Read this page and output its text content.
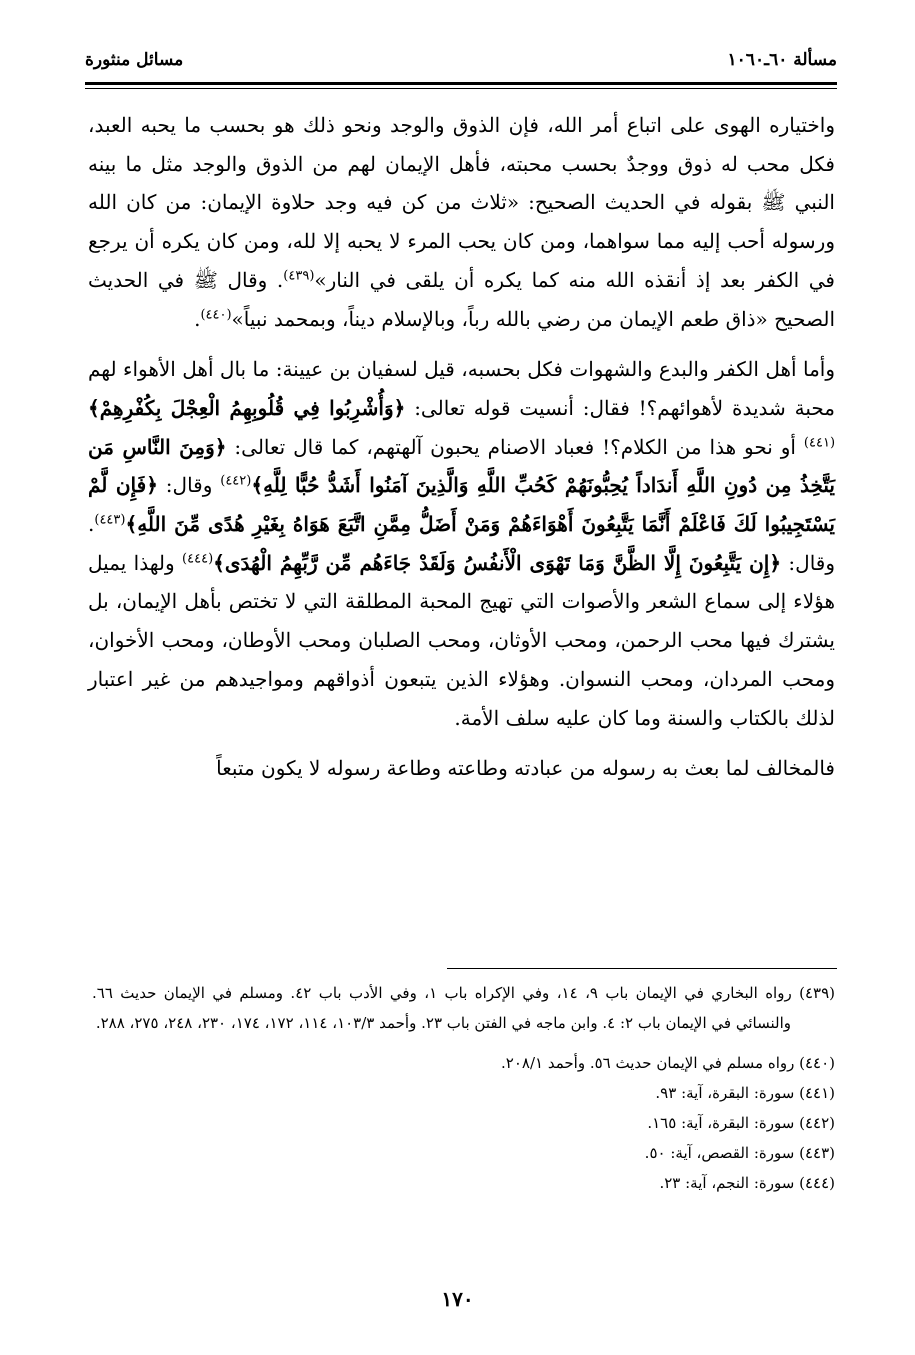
مسألة ٦٠ـ١٠٦٠
مسائل منثورة

واختياره الهوى على اتباع أمر الله، فإن الذوق والوجد ونحو ذلك هو بحسب ما يحبه العبد، فكل محب له ذوق ووجدٌ بحسب محبته، فأهل الإيمان لهم من الذوق والوجد مثل ما بينه النبي ﷺ بقوله في الحديث الصحيح: «ثلاث من كن فيه وجد حلاوة الإيمان: من كان الله ورسوله أحب إليه مما سواهما، ومن كان يحب المرء لا يحبه إلا لله، ومن كان يكره أن يرجع في الكفر بعد إذ أنقذه الله منه كما يكره أن يلقى في النار»$^{(٤٣٩)}$. وقال ﷺ في الحديث الصحيح «ذاق طعم الإيمان من رضي بالله رباً، وبالإسلام ديناً، وبمحمد نبياً»$^{(٤٤٠)}$.

وأما أهل الكفر والبدع والشهوات فكل بحسبه، قيل لسفيان بن عيينة: ما بال أهل الأهواء لهم محبة شديدة لأهوائهم؟! فقال: أنسيت قوله تعالى: ﴿وَأُشْرِبُوا فِي قُلُوبِهِمُ الْعِجْلَ بِكُفْرِهِمْ﴾$^{(٤٤١)}$ أو نحو هذا من الكلام؟! فعباد الاصنام يحبون آلهتهم، كما قال تعالى: ﴿وَمِنَ النَّاسِ مَن يَتَّخِذُ مِن دُونِ اللَّهِ أَندَاداً يُحِبُّونَهُمْ كَحُبِّ اللَّهِ وَالَّذِينَ آمَنُوا أَشَدُّ حُبًّا لِلَّهِ﴾$^{(٤٤٢)}$ وقال: ﴿فَإِن لَّمْ يَسْتَجِيبُوا لَكَ فَاعْلَمْ أَنَّمَا يَتَّبِعُونَ أَهْوَاءَهُمْ وَمَنْ أَضَلُّ مِمَّنِ اتَّبَعَ هَوَاهُ بِغَيْرِ هُدًى مِّنَ اللَّهِ﴾$^{(٤٤٣)}$. وقال: ﴿إِن يَتَّبِعُونَ إِلَّا الظَّنَّ وَمَا تَهْوَى الْأَنفُسُ وَلَقَدْ جَاءَهُم مِّن رَّبِّهِمُ الْهُدَى﴾$^{(٤٤٤)}$ ولهذا يميل هؤلاء إلى سماع الشعر والأصوات التي تهيج المحبة المطلقة التي لا تختص بأهل الإيمان، بل يشترك فيها محب الرحمن، ومحب الأوثان، ومحب الصلبان ومحب الأوطان، ومحب الأخوان، ومحب المردان، ومحب النسوان. وهؤلاء الذين يتبعون أذواقهم ومواجيدهم من غير اعتبار لذلك بالكتاب والسنة وما كان عليه سلف الأمة.

فالمخالف لما بعث به رسوله من عبادته وطاعته وطاعة رسوله لا يكون متبعاً

(٤٣٩) رواه البخاري في الإيمان باب ٩، ١٤، وفي الإكراه باب ١، وفي الأدب باب ٤٢. ومسلم في الإيمان حديث ٦٦. والنسائي في الإيمان باب ٢: ٤. وابن ماجه في الفتن باب ٢٣. وأحمد ١٠٣/٣، ١١٤، ١٧٢، ١٧٤، ٢٣٠، ٢٤٨، ٢٧٥، ٢٨٨.

(٤٤٠) رواه مسلم في الإيمان حديث ٥٦. وأحمد ٢٠٨/١.

(٤٤١) سورة: البقرة، آية: ٩٣.

(٤٤٢) سورة: البقرة، آية: ١٦٥.

(٤٤٣) سورة: القصص، آية: ٥٠.

(٤٤٤) سورة: النجم، آية: ٢٣.

١٧٠
